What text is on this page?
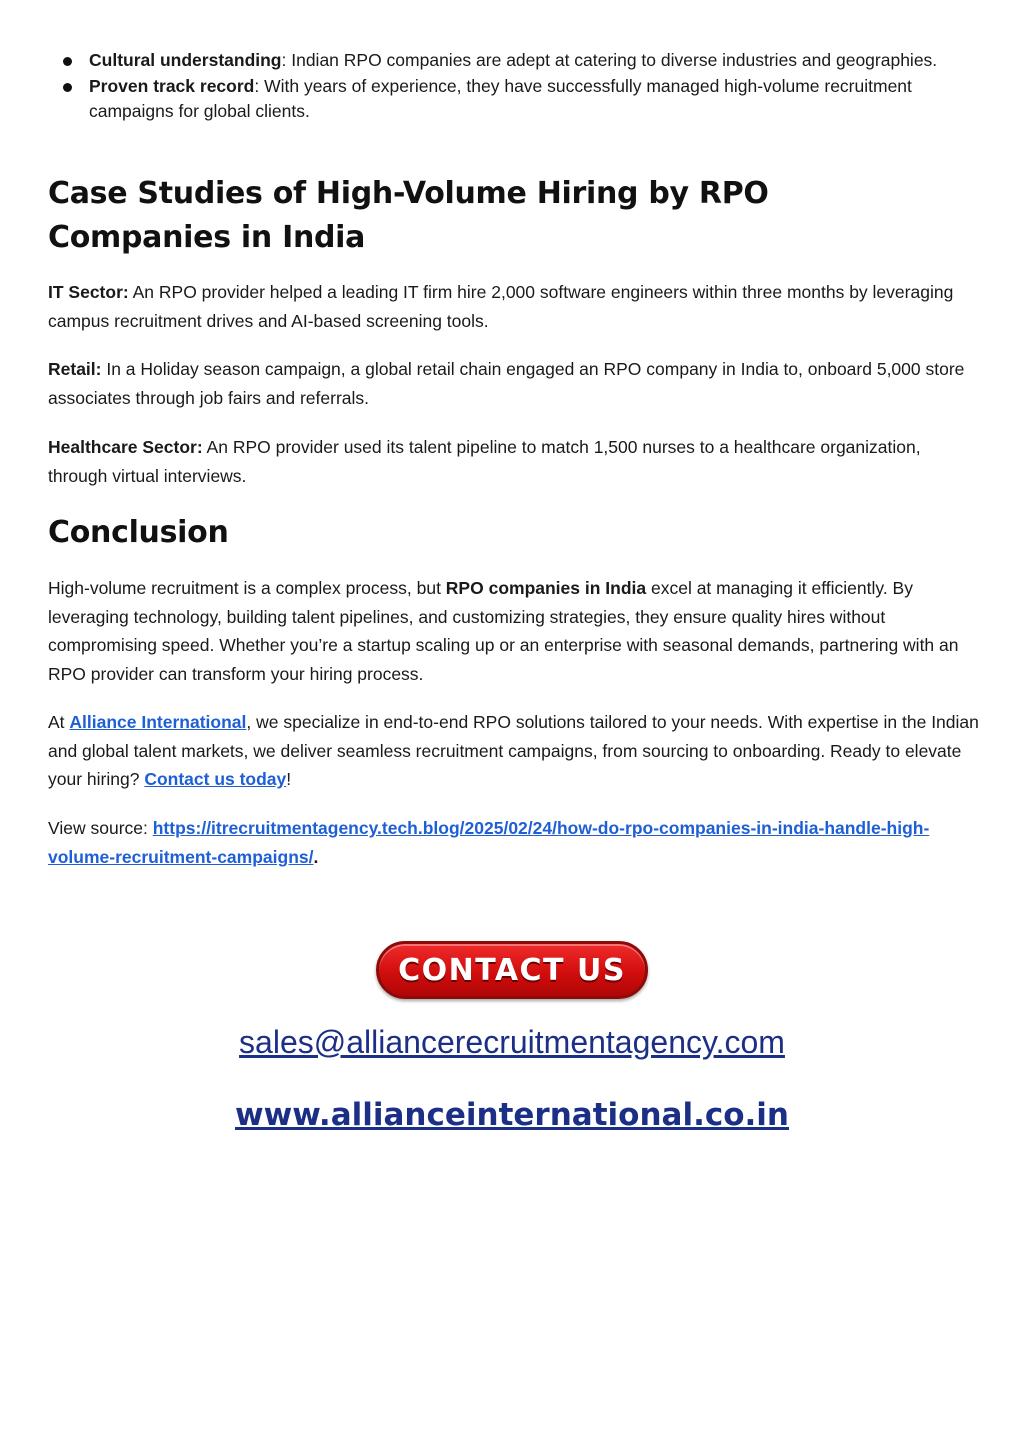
Cultural understanding: Indian RPO companies are adept at catering to diverse industries and geographies.
Proven track record: With years of experience, they have successfully managed high-volume recruitment campaigns for global clients.
Case Studies of High-Volume Hiring by RPO Companies in India

IT Sector: An RPO provider helped a leading IT firm hire 2,000 software engineers within three months by leveraging campus recruitment drives and AI-based screening tools.

Retail: In a Holiday season campaign, a global retail chain engaged an RPO company in India to, onboard 5,000 store associates through job fairs and referrals.

Healthcare Sector: An RPO provider used its talent pipeline to match 1,500 nurses to a healthcare organization, through virtual interviews.

Conclusion

High-volume recruitment is a complex process, but RPO companies in India excel at managing it efficiently. By leveraging technology, building talent pipelines, and customizing strategies, they ensure quality hires without compromising speed. Whether you’re a startup scaling up or an enterprise with seasonal demands, partnering with an RPO provider can transform your hiring process.

At Alliance International, we specialize in end-to-end RPO solutions tailored to your needs. With expertise in the Indian and global talent markets, we deliver seamless recruitment campaigns, from sourcing to onboarding. Ready to elevate your hiring? Contact us today!

View source: https://itrecruitmentagency.tech.blog/2025/02/24/how-do-rpo-companies-in-india-handle-high-volume-recruitment-campaigns/.

CONTACT US
sales@alliancerecruitmentagency.com
www.allianceinternational.co.in
